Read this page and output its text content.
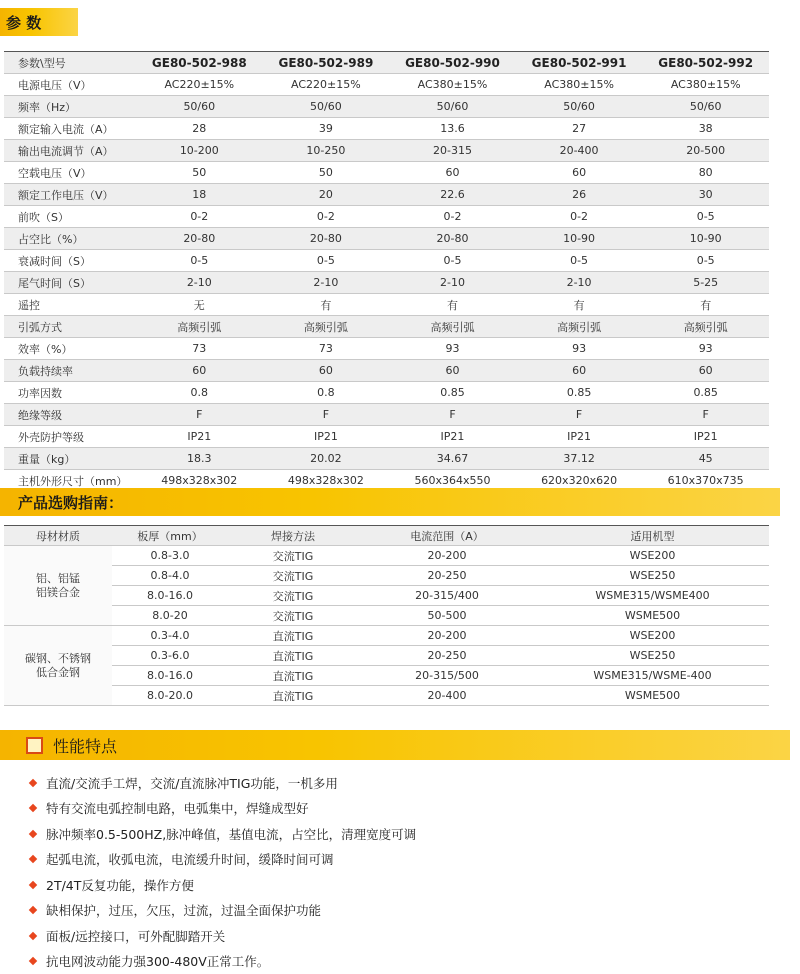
参 数
参数\型号	GE80-502-988	GE80-502-989	GE80-502-990	GE80-502-991	GE80-502-992
电源电压（V）	AC220±15%	AC220±15%	AC380±15%	AC380±15%	AC380±15%
频率（Hz）	50/60	50/60	50/60	50/60	50/60
额定输入电流（A）	28	39	13.6	27	38
输出电流调节（A）	10-200	10-250	20-315	20-400	20-500
空载电压（V）	50	50	60	60	80
额定工作电压（V）	18	20	22.6	26	30
前吹（S）	0-2	0-2	0-2	0-2	0-5
占空比（%）	20-80	20-80	20-80	10-90	10-90
衰减时间（S）	0-5	0-5	0-5	0-5	0-5
尾气时间（S）	2-10	2-10	2-10	2-10	5-25
遥控	无	有	有	有	有
引弧方式	高频引弧	高频引弧	高频引弧	高频引弧	高频引弧
效率（%）	73	73	93	93	93
负载持续率	60	60	60	60	60
功率因数	0.8	0.8	0.85	0.85	0.85
绝缘等级	F	F	F	F	F
外壳防护等级	IP21	IP21	IP21	IP21	IP21
重量（kg）	18.3	20.02	34.67	37.12	45
主机外形尺寸（mm）	498x328x302	498x328x302	560x364x550	620x320x620	610x370x735
产品选购指南：
母材材质	板厚（mm）	焊接方法	电流范围（A）	适用机型

铝、铝锰
铝镁合金	0.8-3.0	交流TIG	20-200	WSE200
	0.8-4.0	交流TIG	20-250	WSE250
	8.0-16.0	交流TIG	20-315/400	WSME315/WSME400
	8.0-20	交流TIG	50-500	WSME500

碳钢、不锈钢
低合金钢	0.3-4.0	直流TIG	20-200	WSE200
	0.3-6.0	直流TIG	20-250	WSE250
	8.0-16.0	直流TIG	20-315/500	WSME315/WSME-400
	8.0-20.0	直流TIG	20-400	WSME500
性能特点
直流/交流手工焊，交流/直流脉冲TIG功能，一机多用
特有交流电弧控制电路，电弧集中，焊缝成型好
脉冲频率0.5-500HZ,脉冲峰值，基值电流，占空比，清理宽度可调
起弧电流，收弧电流，电流缓升时间，缓降时间可调
2T/4T反复功能，操作方便
缺相保护，过压，欠压，过流，过温全面保护功能
面板/远控接口，可外配脚踏开关
抗电网波动能力强300-480V正常工作。
